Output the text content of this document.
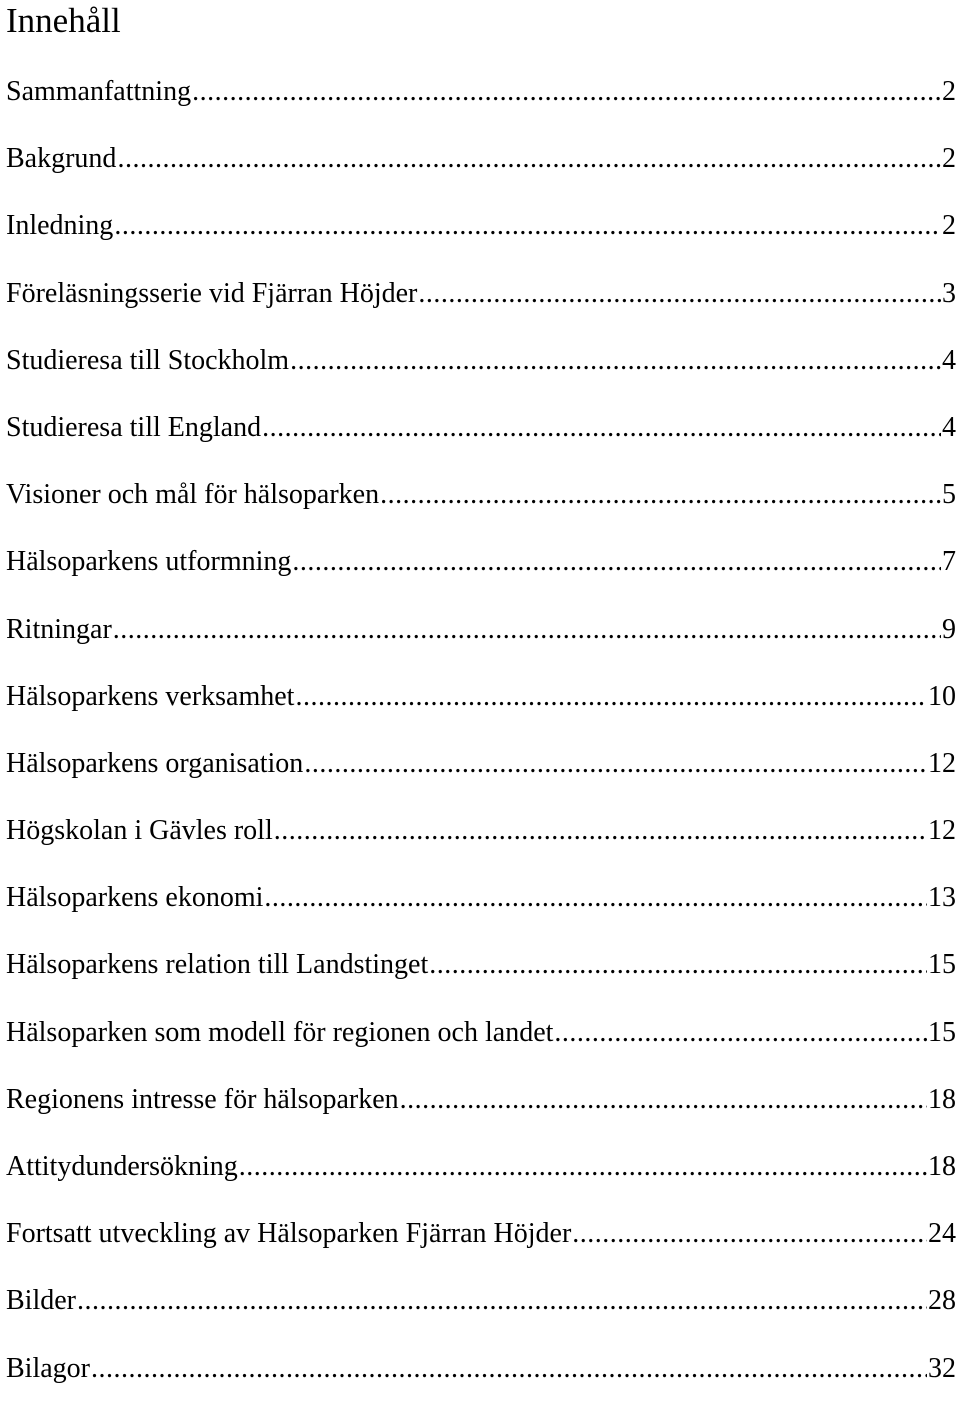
Innehåll
Sammanfattning .....	2
Bakgrund .....	2
Inledning .....	2
Föreläsningsserie vid Fjärran Höjder .....	3
Studieresa till Stockholm .....	4
Studieresa till England .....	4
Visioner och mål för hälsoparken .....	5
Hälsoparkens utformning .....	7
Ritningar .....	9
Hälsoparkens verksamhet .....	10
Hälsoparkens organisation .....	12
Högskolan i Gävles roll .....	12
Hälsoparkens ekonomi .....	13
Hälsoparkens relation till Landstinget .....	15
Hälsoparken som modell för regionen och landet .....	15
Regionens intresse för hälsoparken .....	18
Attitydundersökning .....	18
Fortsatt utveckling av Hälsoparken Fjärran Höjder .....	24
Bilder .....	28
Bilagor .....	32
